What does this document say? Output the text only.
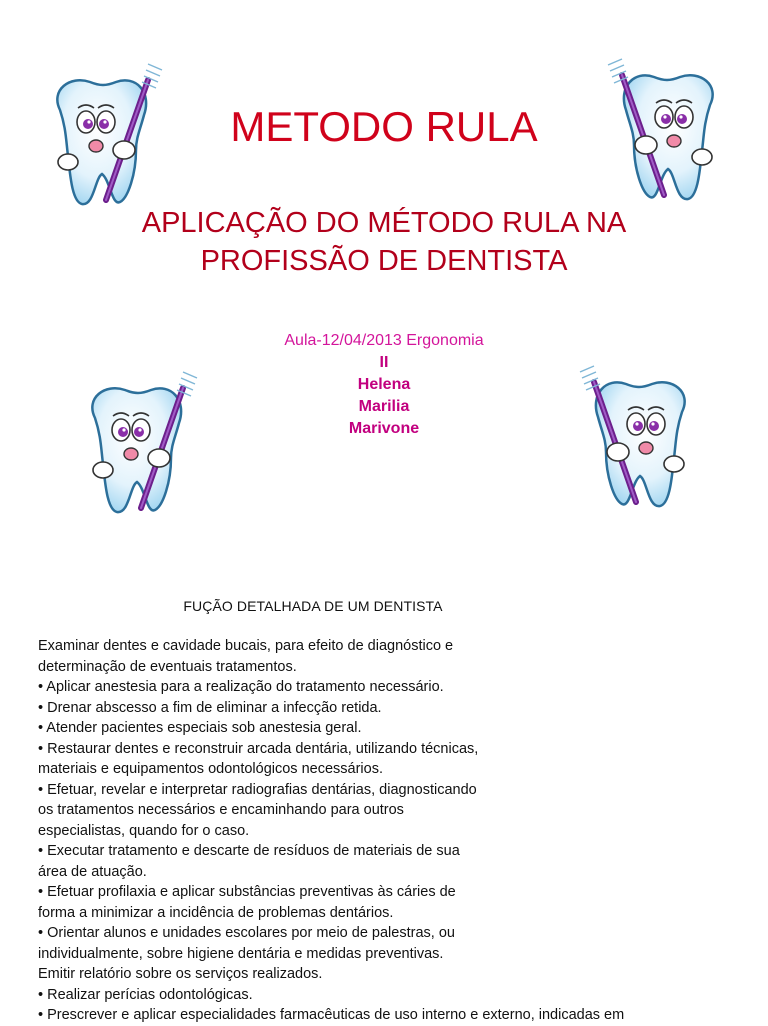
METODO RULA
APLICAÇÃO DO MÉTODO RULA NA
PROFISSÃO DE DENTISTA
Aula-12/04/2013 Ergonomia
II
Helena
Marilia
Marivone
FUÇÃO DETALHADA DE UM DENTISTA
Examinar dentes e cavidade bucais, para efeito de diagnóstico e
determinação de eventuais tratamentos.
• Aplicar anestesia para a realização do tratamento necessário.
• Drenar abscesso a fim de eliminar a infecção retida.
• Atender pacientes especiais sob anestesia geral.
• Restaurar dentes e reconstruir arcada dentária, utilizando técnicas,
materiais e equipamentos odontológicos necessários.
• Efetuar, revelar e interpretar radiografias dentárias, diagnosticando
os tratamentos necessários e encaminhando para outros
especialistas, quando for o caso.
• Executar tratamento e descarte de resíduos de materiais de sua
área de atuação.
• Efetuar profilaxia e aplicar substâncias preventivas às cáries de
forma a minimizar a incidência de problemas dentários.
• Orientar alunos e unidades escolares por meio de palestras, ou
individualmente, sobre higiene dentária e medidas preventivas.
Emitir relatório sobre os serviços realizados.
• Realizar perícias odontológicas.
• Prescrever e aplicar especialidades farmacêuticas de uso interno e externo, indicadas em
